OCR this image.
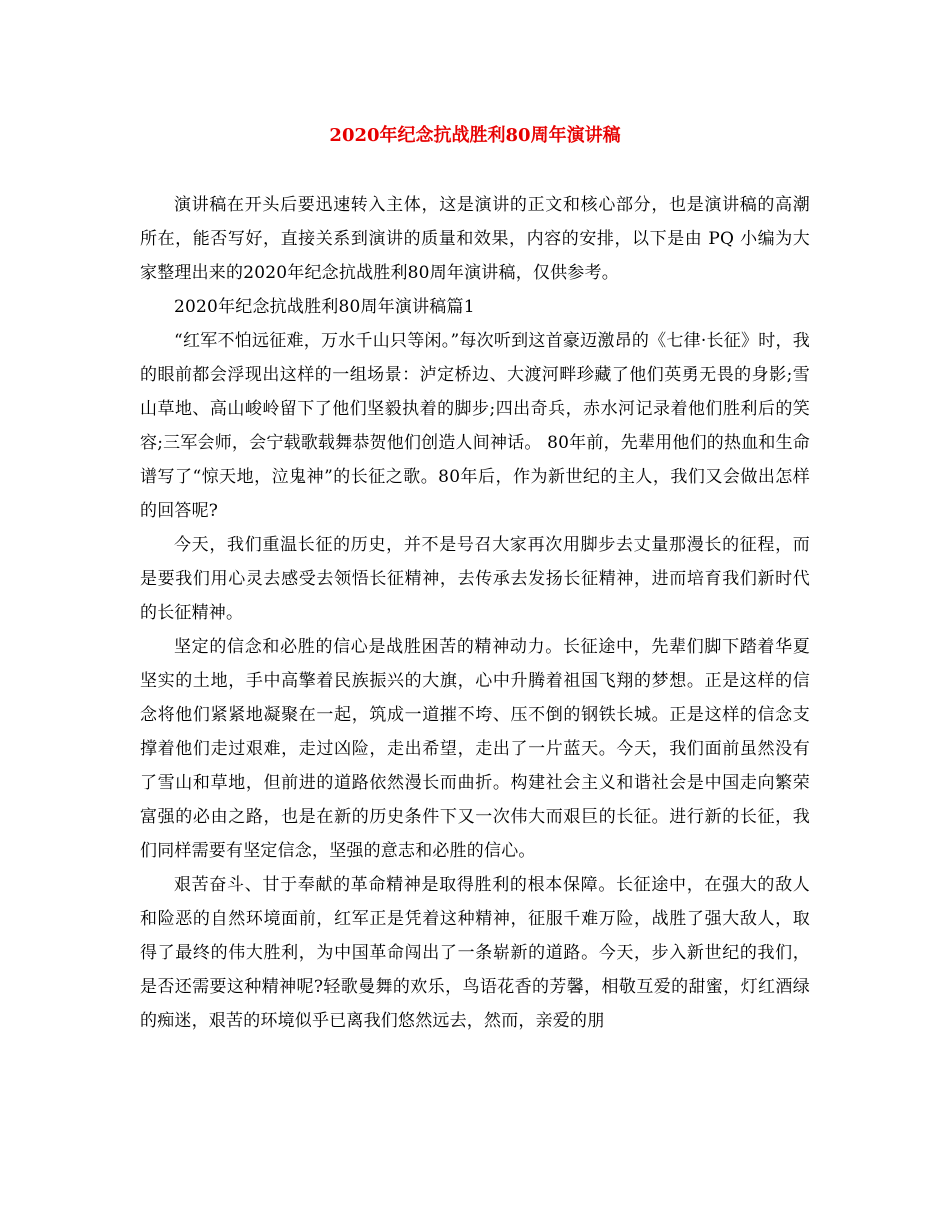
2020年纪念抗战胜利80周年演讲稿

演讲稿在开头后要迅速转入主体，这是演讲的正文和核心部分，也是演讲稿的高潮所在，能否写好，直接关系到演讲的质量和效果，内容的安排，以下是由 PQ 小编为大家整理出来的2020年纪念抗战胜利80周年演讲稿，仅供参考。

2020年纪念抗战胜利80周年演讲稿篇1

“红军不怕远征难，万水千山只等闲。”每次听到这首豪迈激昂的《七律·长征》时，我的眼前都会浮现出这样的一组场景：泸定桥边、大渡河畔珍藏了他们英勇无畏的身影;雪山草地、高山峻岭留下了他们坚毅执着的脚步;四出奇兵，赤水河记录着他们胜利后的笑容;三军会师，会宁载歌载舞恭贺他们创造人间神话。 80年前，先辈用他们的热血和生命谱写了“惊天地，泣鬼神”的长征之歌。80年后，作为新世纪的主人，我们又会做出怎样的回答呢?

今天，我们重温长征的历史，并不是号召大家再次用脚步去丈量那漫长的征程，而是要我们用心灵去感受去领悟长征精神，去传承去发扬长征精神，进而培育我们新时代的长征精神。

坚定的信念和必胜的信心是战胜困苦的精神动力。长征途中，先辈们脚下踏着华夏坚实的土地，手中高擎着民族振兴的大旗，心中升腾着祖国飞翔的梦想。正是这样的信念将他们紧紧地凝聚在一起，筑成一道摧不垮、压不倒的钢铁长城。正是这样的信念支撑着他们走过艰难，走过凶险，走出希望，走出了一片蓝天。今天，我们面前虽然没有了雪山和草地，但前进的道路依然漫长而曲折。构建社会主义和谐社会是中国走向繁荣富强的必由之路，也是在新的历史条件下又一次伟大而艰巨的长征。进行新的长征，我们同样需要有坚定信念，坚强的意志和必胜的信心。

艰苦奋斗、甘于奉献的革命精神是取得胜利的根本保障。长征途中，在强大的敌人和险恶的自然环境面前，红军正是凭着这种精神，征服千难万险，战胜了强大敌人，取得了最终的伟大胜利，为中国革命闯出了一条崭新的道路。今天，步入新世纪的我们，是否还需要这种精神呢?轻歌曼舞的欢乐，鸟语花香的芳馨，相敬互爱的甜蜜，灯红酒绿的痴迷，艰苦的环境似乎已离我们悠然远去，然而，亲爱的朋
